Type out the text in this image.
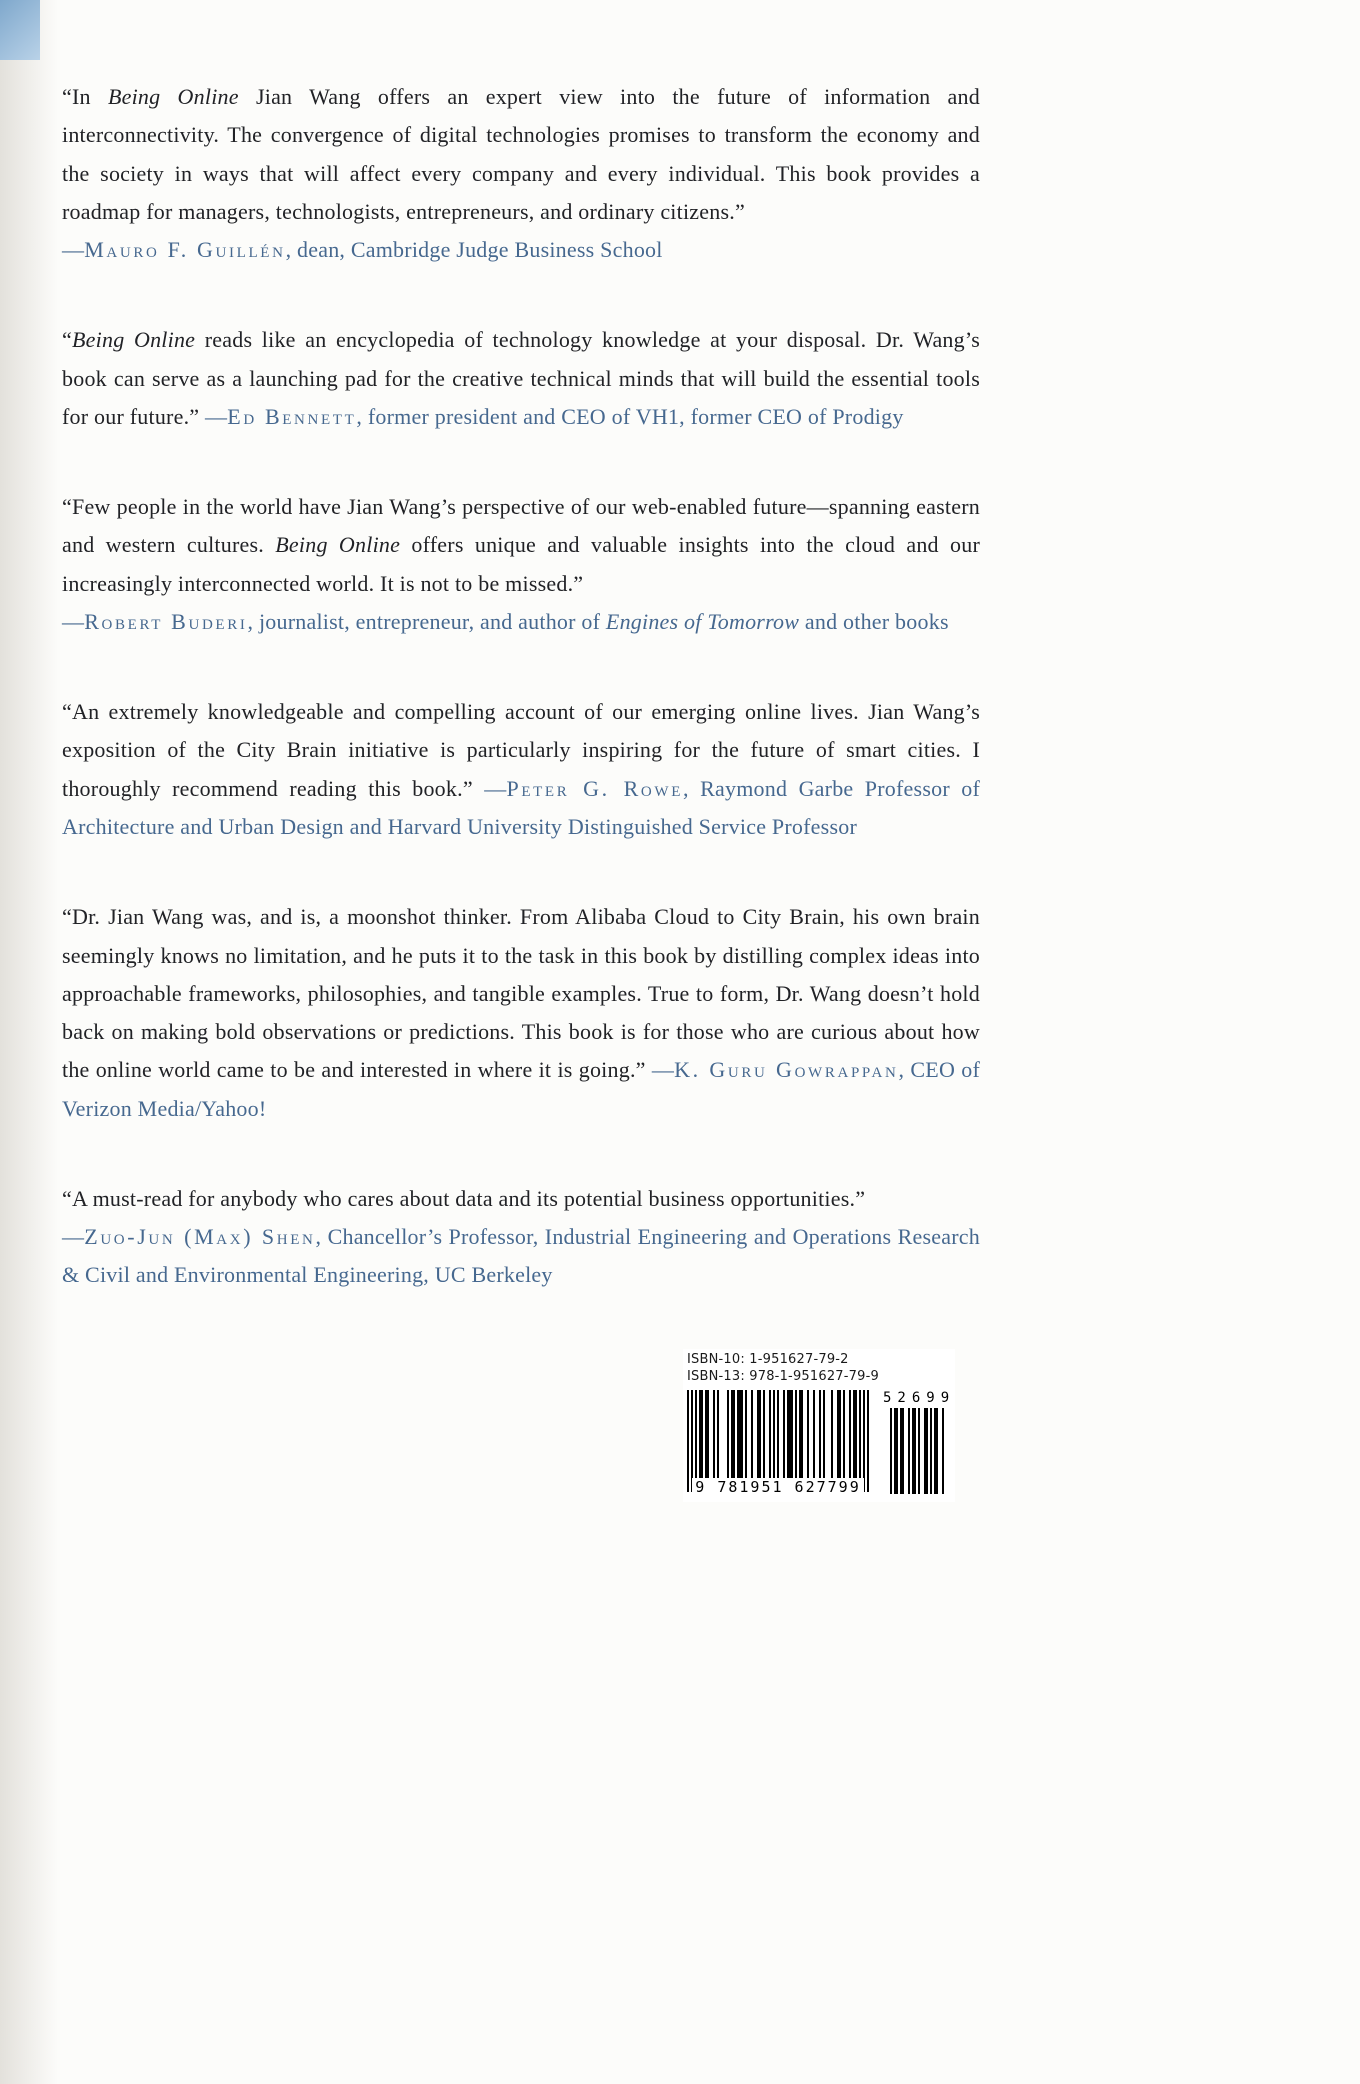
“In Being Online Jian Wang offers an expert view into the future of information and interconnectivity. The convergence of digital technologies promises to transform the economy and the society in ways that will affect every company and every individual. This book provides a roadmap for managers, technologists, entrepreneurs, and ordinary citizens.”
—Mauro F. Guillén, dean, Cambridge Judge Business School

“Being Online reads like an encyclopedia of technology knowledge at your disposal. Dr. Wang’s book can serve as a launching pad for the creative technical minds that will build the essential tools for our future.” —Ed Bennett, former president and CEO of VH1, former CEO of Prodigy

“Few people in the world have Jian Wang’s perspective of our web-enabled future—spanning eastern and western cultures. Being Online offers unique and valuable insights into the cloud and our increasingly interconnected world. It is not to be missed.”
—Robert Buderi, journalist, entrepreneur, and author of Engines of Tomorrow and other books

“An extremely knowledgeable and compelling account of our emerging online lives. Jian Wang’s exposition of the City Brain initiative is particularly inspiring for the future of smart cities. I thoroughly recommend reading this book.” —Peter G. Rowe, Raymond Garbe Professor of Architecture and Urban Design and Harvard University Distinguished Service Professor

“Dr. Jian Wang was, and is, a moonshot thinker. From Alibaba Cloud to City Brain, his own brain seemingly knows no limitation, and he puts it to the task in this book by distilling complex ideas into approachable frameworks, philosophies, and tangible examples. True to form, Dr. Wang doesn’t hold back on making bold observations or predictions. This book is for those who are curious about how the online world came to be and interested in where it is going.” —K. Guru Gowrappan, CEO of Verizon Media/Yahoo!

“A must-read for anybody who cares about data and its potential business opportunities.”
—Zuo-Jun (Max) Shen, Chancellor’s Professor, Industrial Engineering and Operations Research & Civil and Environmental Engineering, UC Berkeley

ISBN-10: 1-951627-79-2
ISBN-13: 978-1-951627-79-9
9 781951 627799
52699
